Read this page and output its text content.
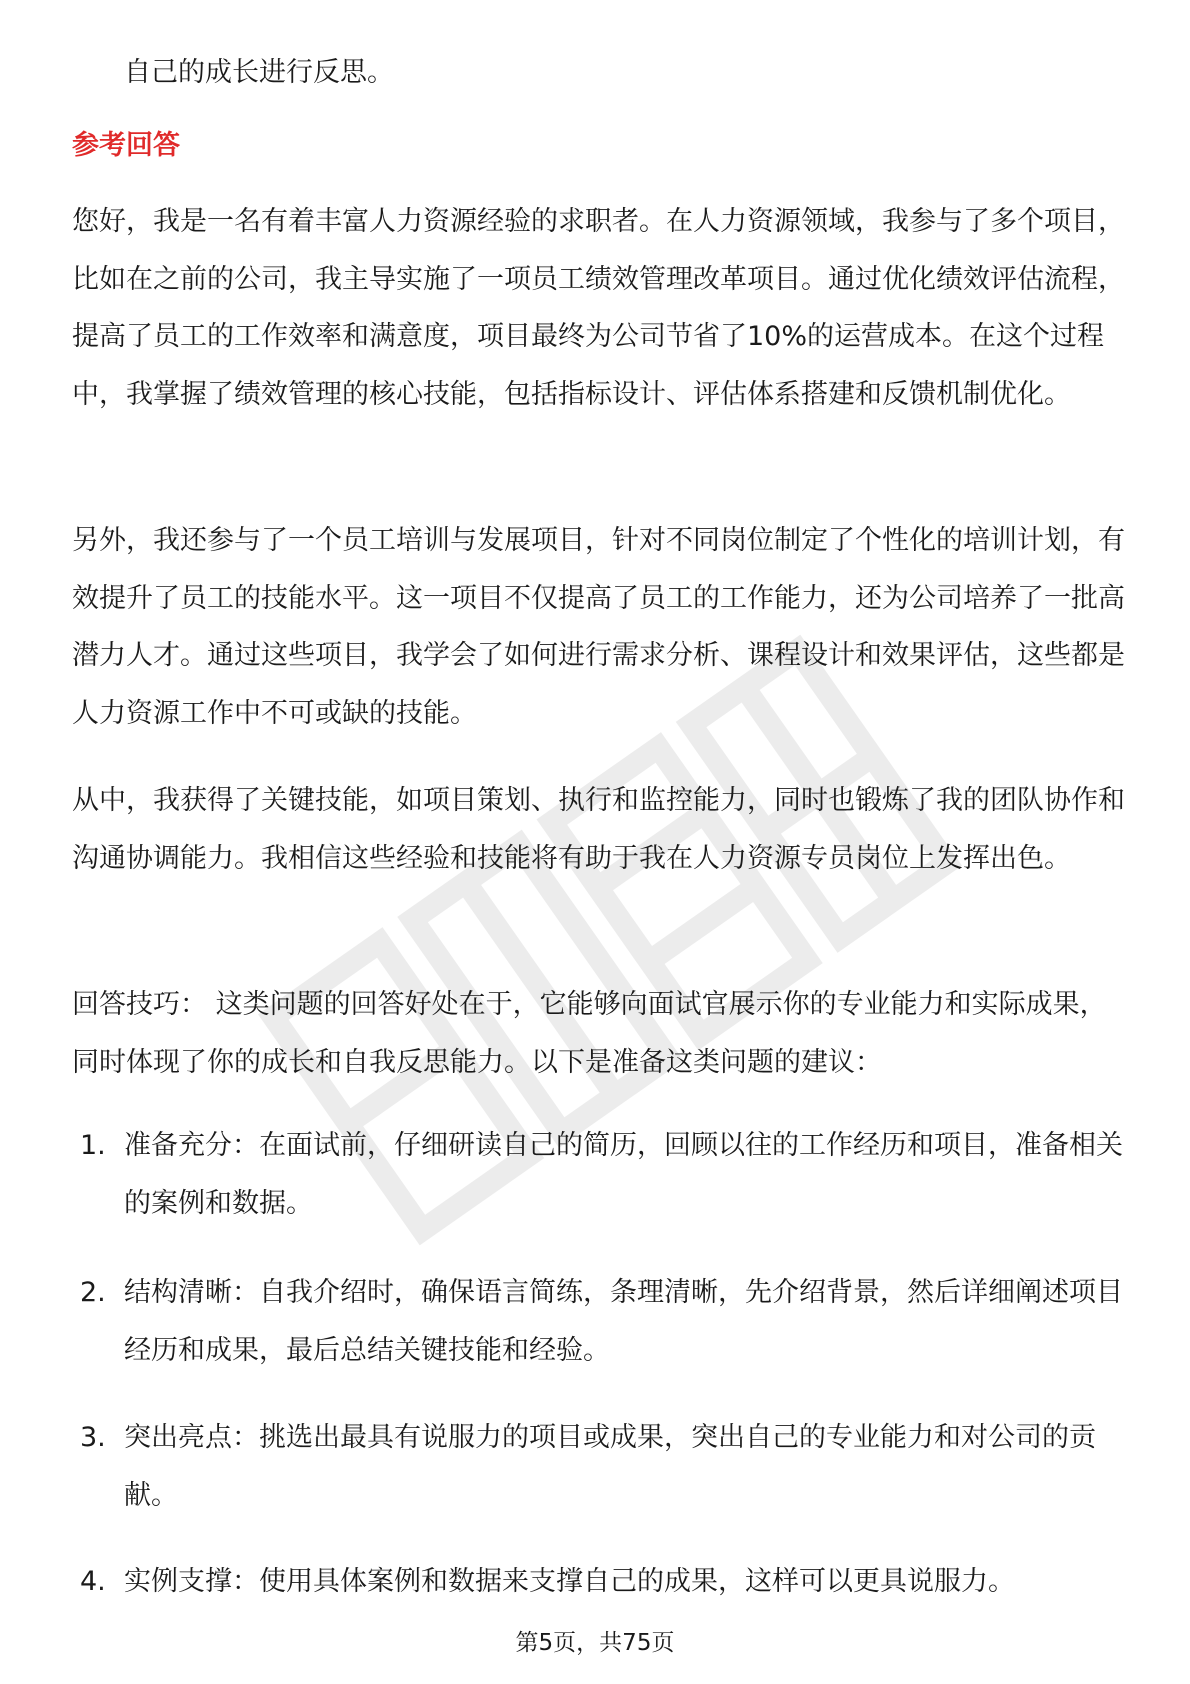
自己的成长进行反思。

参考回答

您好，我是一名有着丰富人力资源经验的求职者。在人力资源领域，我参与了多个项目，比如在之前的公司，我主导实施了一项员工绩效管理改革项目。通过优化绩效评估流程，提高了员工的工作效率和满意度，项目最终为公司节省了10%的运营成本。在这个过程中，我掌握了绩效管理的核心技能，包括指标设计、评估体系搭建和反馈机制优化。

另外，我还参与了一个员工培训与发展项目，针对不同岗位制定了个性化的培训计划，有效提升了员工的技能水平。这一项目不仅提高了员工的工作能力，还为公司培养了一批高潜力人才。通过这些项目，我学会了如何进行需求分析、课程设计和效果评估，这些都是人力资源工作中不可或缺的技能。

从中，我获得了关键技能，如项目策划、执行和监控能力，同时也锻炼了我的团队协作和沟通协调能力。我相信这些经验和技能将有助于我在人力资源专员岗位上发挥出色。

回答技巧： 这类问题的回答好处在于，它能够向面试官展示你的专业能力和实际成果，同时体现了你的成长和自我反思能力。以下是准备这类问题的建议：

1. 准备充分：在面试前，仔细研读自己的简历，回顾以往的工作经历和项目，准备相关的案例和数据。
2. 结构清晰：自我介绍时，确保语言简练，条理清晰，先介绍背景，然后详细阐述项目经历和成果，最后总结关键技能和经验。
3. 突出亮点：挑选出最具有说服力的项目或成果，突出自己的专业能力和对公司的贡献。
4. 实例支撑：使用具体案例和数据来支撑自己的成果，这样可以更具说服力。

第5页，共75页
